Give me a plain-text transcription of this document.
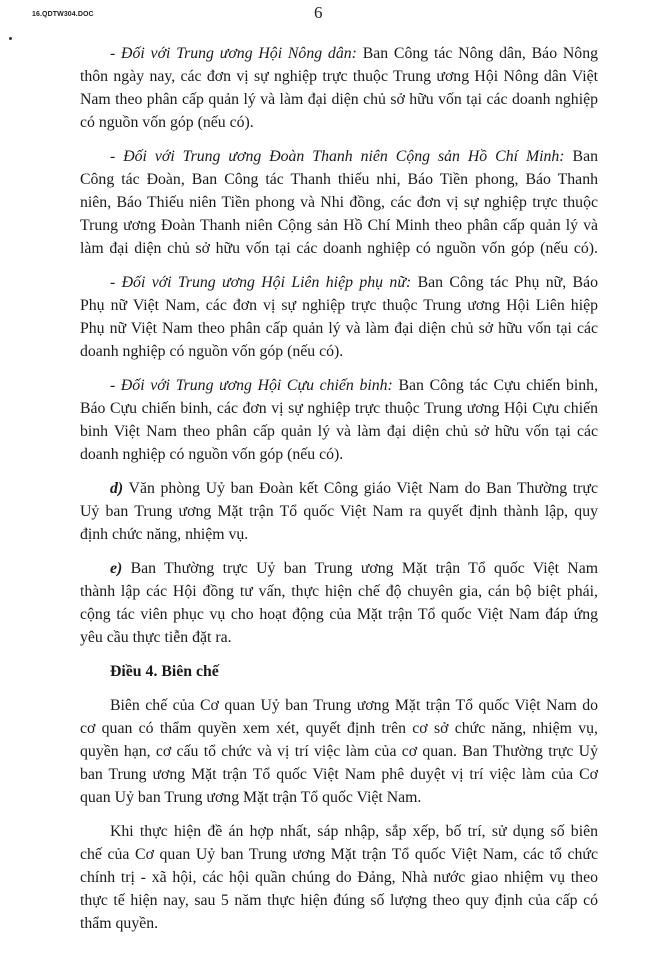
16.QDTW304.DOC	6
- Đối với Trung ương Hội Nông dân: Ban Công tác Nông dân, Báo Nông
thôn ngày nay, các đơn vị sự nghiệp trực thuộc Trung ương Hội Nông dân Việt
Nam theo phân cấp quản lý và làm đại diện chủ sở hữu vốn tại các doanh nghiệp
có nguồn vốn góp (nếu có).
- Đối với Trung ương Đoàn Thanh niên Cộng sản Hồ Chí Minh: Ban
Công tác Đoàn, Ban Công tác Thanh thiếu nhi, Báo Tiền phong, Báo Thanh
niên, Báo Thiếu niên Tiền phong và Nhi đồng, các đơn vị sự nghiệp trực thuộc
Trung ương Đoàn Thanh niên Cộng sản Hồ Chí Minh theo phân cấp quản lý và
làm đại diện chủ sở hữu vốn tại các doanh nghiệp có nguồn vốn góp (nếu có).
- Đối với Trung ương Hội Liên hiệp phụ nữ: Ban Công tác Phụ nữ, Báo
Phụ nữ Việt Nam, các đơn vị sự nghiệp trực thuộc Trung ương Hội Liên hiệp
Phụ nữ Việt Nam theo phân cấp quản lý và làm đại diện chủ sở hữu vốn tại các
doanh nghiệp có nguồn vốn góp (nếu có).
- Đối với Trung ương Hội Cựu chiến binh: Ban Công tác Cựu chiến binh,
Báo Cựu chiến binh, các đơn vị sự nghiệp trực thuộc Trung ương Hội Cựu chiến
binh Việt Nam theo phân cấp quản lý và làm đại diện chủ sở hữu vốn tại các
doanh nghiệp có nguồn vốn góp (nếu có).
d) Văn phòng Uỷ ban Đoàn kết Công giáo Việt Nam do Ban Thường trực
Uỷ ban Trung ương Mặt trận Tổ quốc Việt Nam ra quyết định thành lập, quy
định chức năng, nhiệm vụ.
e) Ban Thường trực Uỷ ban Trung ương Mặt trận Tổ quốc Việt Nam
thành lập các Hội đồng tư vấn, thực hiện chế độ chuyên gia, cán bộ biệt phái,
cộng tác viên phục vụ cho hoạt động của Mặt trận Tổ quốc Việt Nam đáp ứng
yêu cầu thực tiễn đặt ra.
Điều 4. Biên chế
Biên chế của Cơ quan Uỷ ban Trung ương Mặt trận Tổ quốc Việt Nam do
cơ quan có thẩm quyền xem xét, quyết định trên cơ sở chức năng, nhiệm vụ,
quyền hạn, cơ cấu tổ chức và vị trí việc làm của cơ quan. Ban Thường trực Uỷ
ban Trung ương Mặt trận Tổ quốc Việt Nam phê duyệt vị trí việc làm của Cơ
quan Uỷ ban Trung ương Mặt trận Tổ quốc Việt Nam.
Khi thực hiện đề án hợp nhất, sáp nhập, sắp xếp, bố trí, sử dụng số biên
chế của Cơ quan Uỷ ban Trung ương Mặt trận Tổ quốc Việt Nam, các tổ chức
chính trị - xã hội, các hội quần chúng do Đảng, Nhà nước giao nhiệm vụ theo
thực tế hiện nay, sau 5 năm thực hiện đúng số lượng theo quy định của cấp có
thẩm quyền.
